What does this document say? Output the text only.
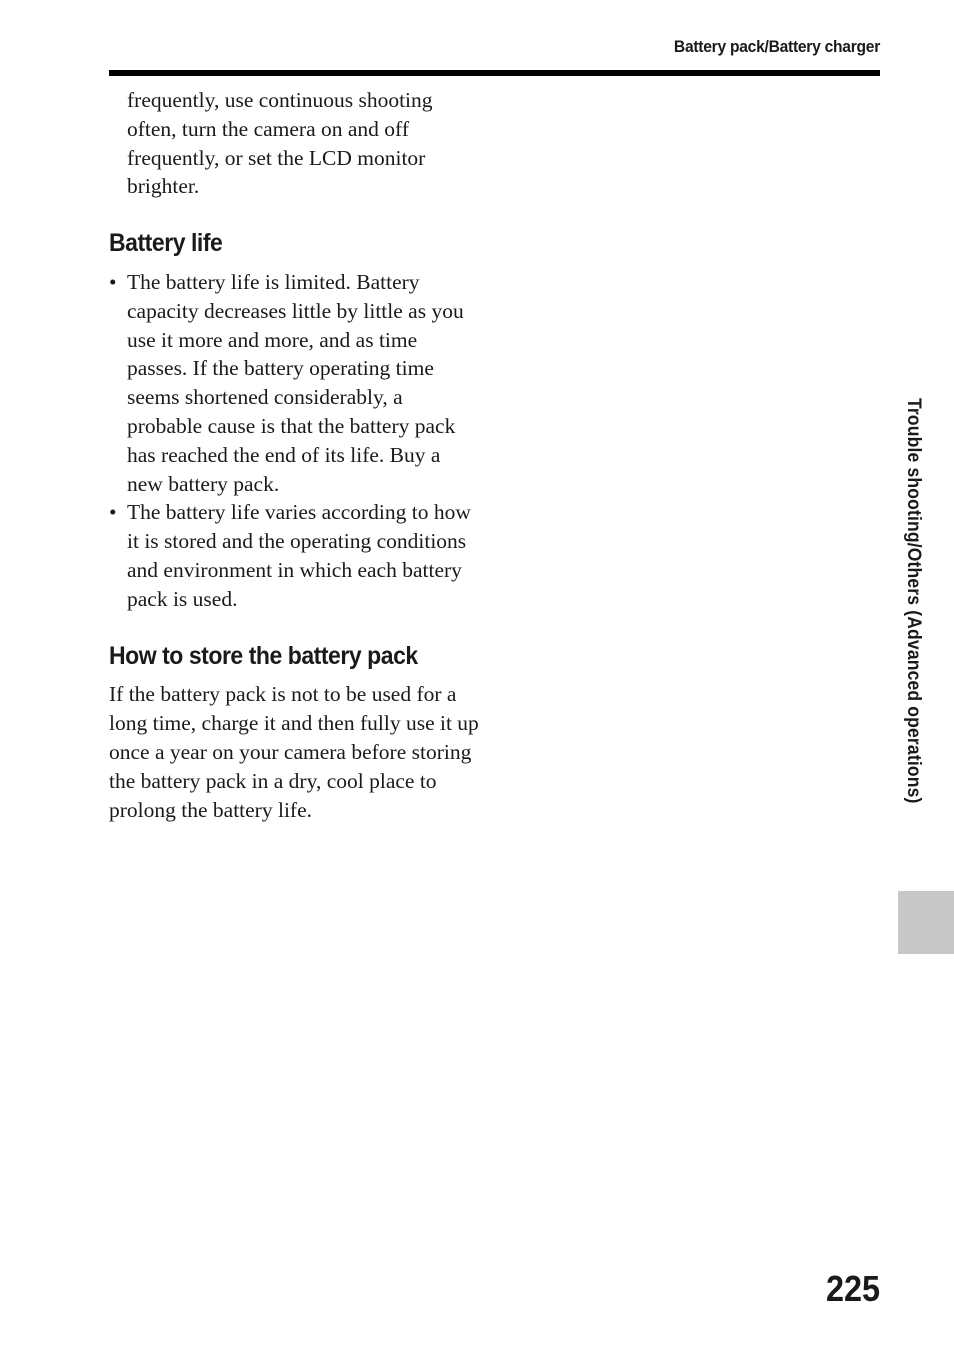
Battery pack/Battery charger

frequently, use continuous shooting often, turn the camera on and off frequently, or set the LCD monitor brighter.

Battery life
• The battery life is limited. Battery capacity decreases little by little as you use it more and more, and as time passes. If the battery operating time seems shortened considerably, a probable cause is that the battery pack has reached the end of its life. Buy a new battery pack.
• The battery life varies according to how it is stored and the operating conditions and environment in which each battery pack is used.
How to store the battery pack

If the battery pack is not to be used for a long time, charge it and then fully use it up once a year on your camera before storing the battery pack in a dry, cool place to prolong the battery life.

Trouble shooting/Others (Advanced operations)
225
